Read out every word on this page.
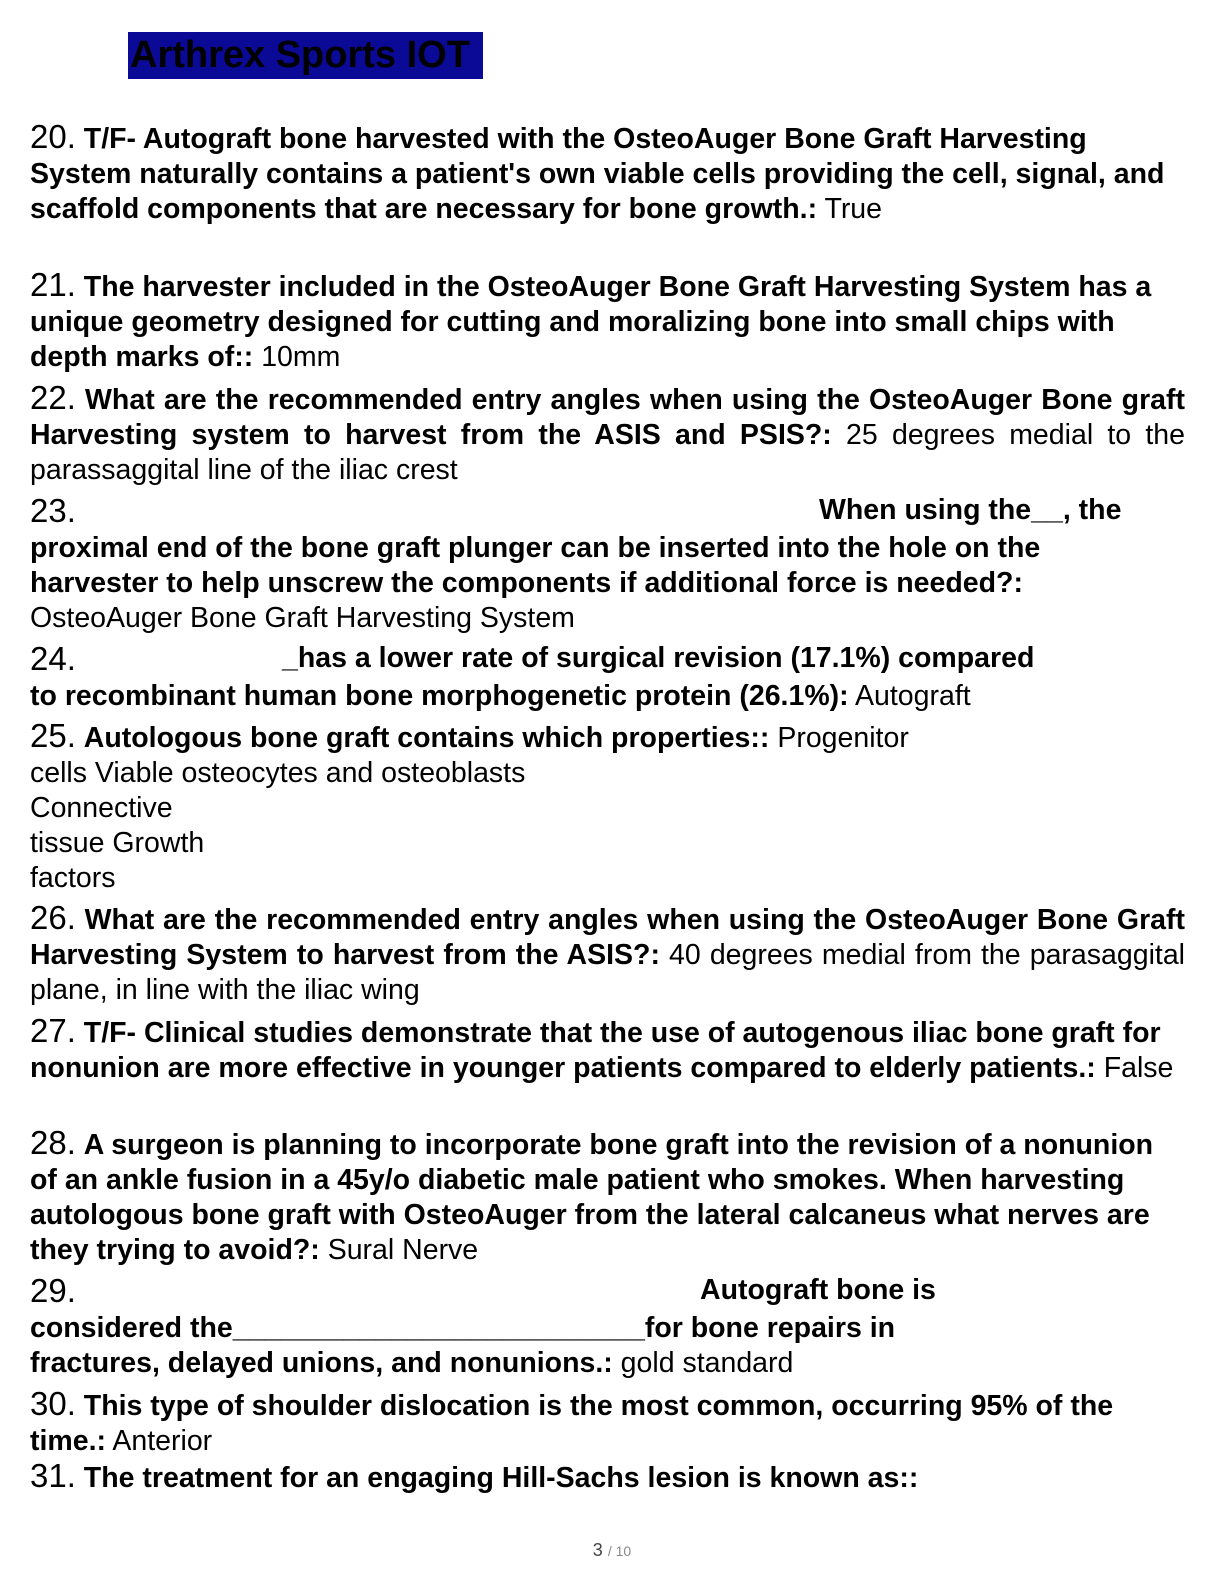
Arthrex Sports IOT
20. T/F- Autograft bone harvested with the OsteoAuger Bone Graft Harvesting System naturally contains a patient's own viable cells providing the cell, signal, and scaffold components that are necessary for bone growth.: True
21. The harvester included in the OsteoAuger Bone Graft Harvesting System has a unique geometry designed for cutting and moralizing bone into small chips with depth marks of:: 10mm
22. What are the recommended entry angles when using the OsteoAuger Bone graft Harvesting system to harvest from the ASIS and PSIS?: 25 degrees medial to the parassaggital line of the iliac crest
23.	When using the__, the
proximal end of the bone graft plunger can be inserted into the hole on the
harvester to help unscrew the components if additional force is needed?:
OsteoAuger Bone Graft Harvesting System
24.	_has a lower rate of surgical revision (17.1%) compared
to recombinant human bone morphogenetic protein (26.1%): Autograft
25. Autologous bone graft contains which properties:: Progenitor
cells Viable osteocytes and osteoblasts
Connective
tissue Growth
factors
26. What are the recommended entry angles when using the OsteoAuger Bone Graft Harvesting System to harvest from the ASIS?: 40 degrees medial from the parasaggital plane, in line with the iliac wing
27. T/F- Clinical studies demonstrate that the use of autogenous iliac bone graft for nonunion are more effective in younger patients compared to elderly patients.: False
28. A surgeon is planning to incorporate bone graft into the revision of a nonunion of an ankle fusion in a 45y/o diabetic male patient who smokes. When harvesting autologous bone graft with OsteoAuger from the lateral calcaneus what nerves are they trying to avoid?: Sural Nerve
29.	Autograft bone is
considered the__________________________for bone repairs in
fractures, delayed unions, and nonunions.: gold standard
30. This type of shoulder dislocation is the most common, occurring 95% of the time.: Anterior
31. The treatment for an engaging Hill-Sachs lesion is known as::
3 / 10
